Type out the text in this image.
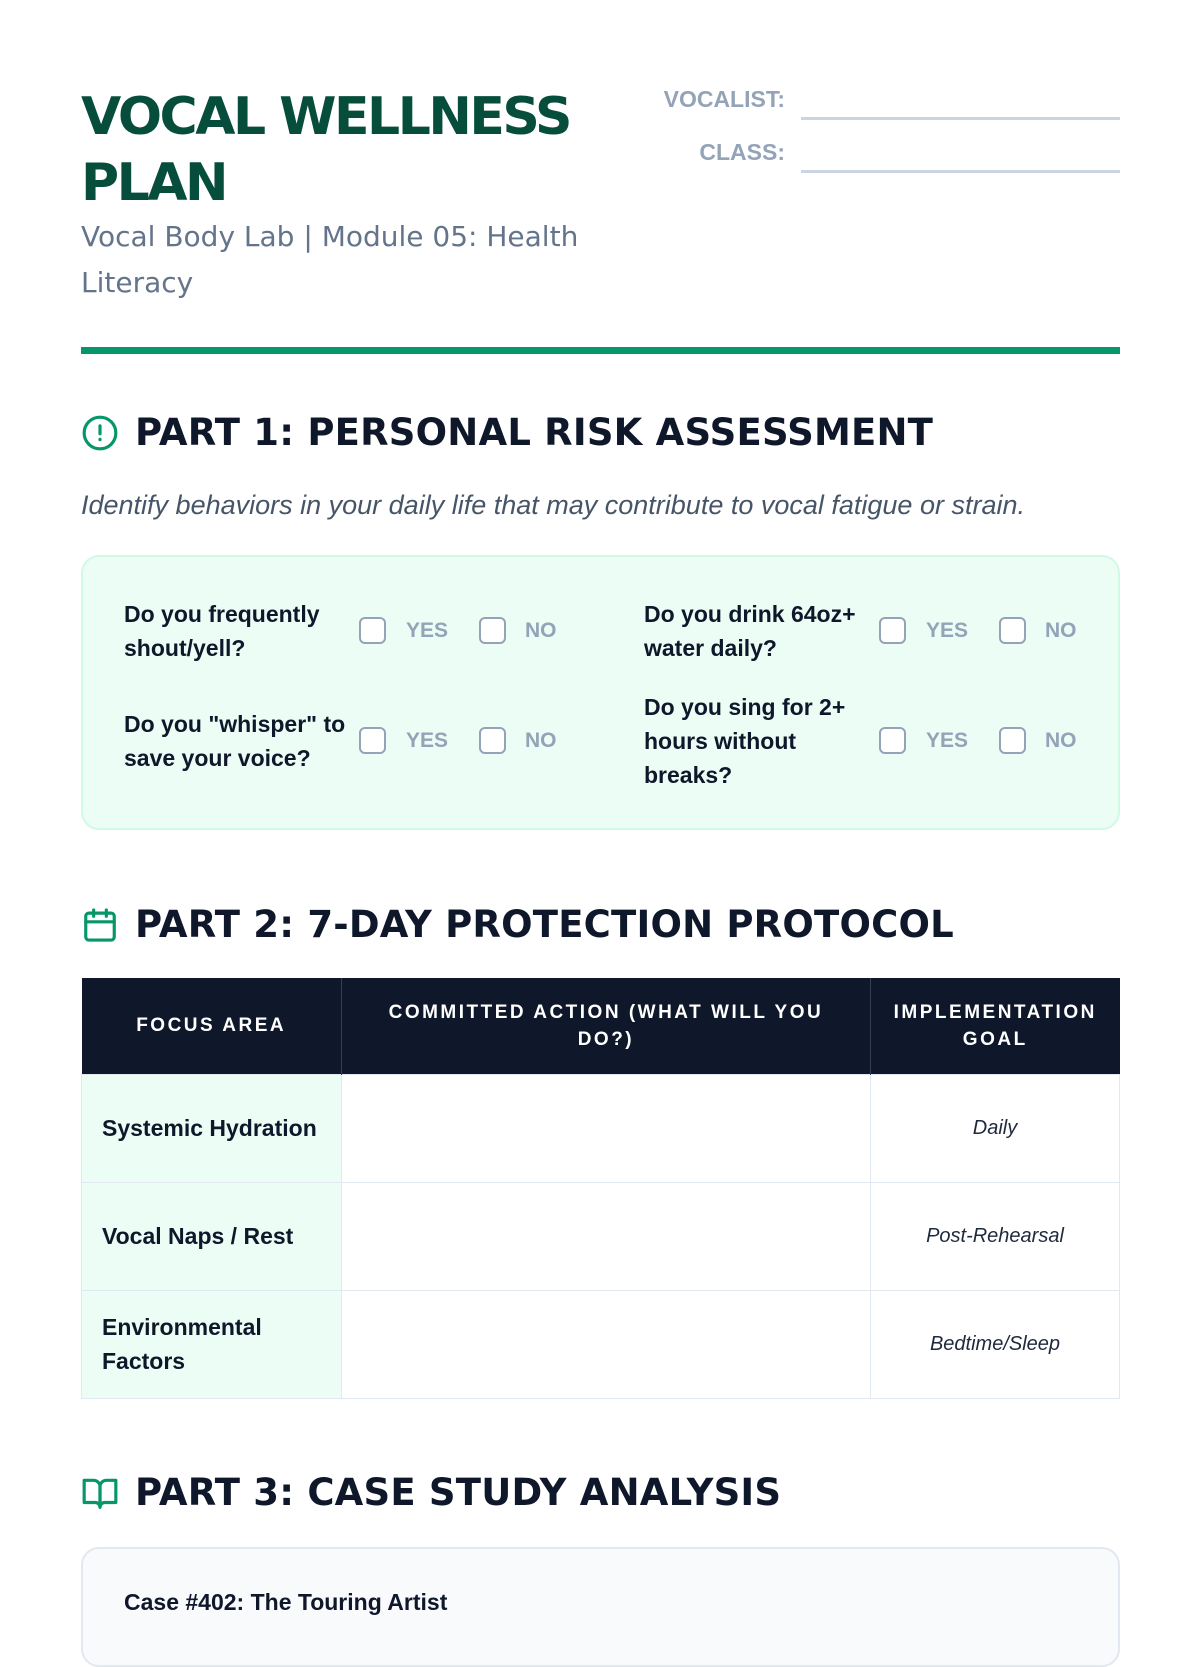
VOCAL WELLNESS
PLAN
Vocal Body Lab | Module 05: Health Literacy
VOCALIST:
CLASS:
PART 1: PERSONAL RISK ASSESSMENT
Identify behaviors in your daily life that may contribute to vocal fatigue or strain.
Do you frequently shout/yell?
YES	NO
Do you drink 64oz+ water daily?
YES	NO
Do you "whisper" to save your voice?
YES	NO
Do you sing for 2+ hours without breaks?
YES	NO
PART 2: 7-DAY PROTECTION PROTOCOL
FOCUS AREA	COMMITTED ACTION (WHAT WILL YOU DO?)	IMPLEMENTATION GOAL
Systemic Hydration		Daily
Vocal Naps / Rest		Post-Rehearsal
Environmental Factors		Bedtime/Sleep
PART 3: CASE STUDY ANALYSIS
Case #402: The Touring Artist
